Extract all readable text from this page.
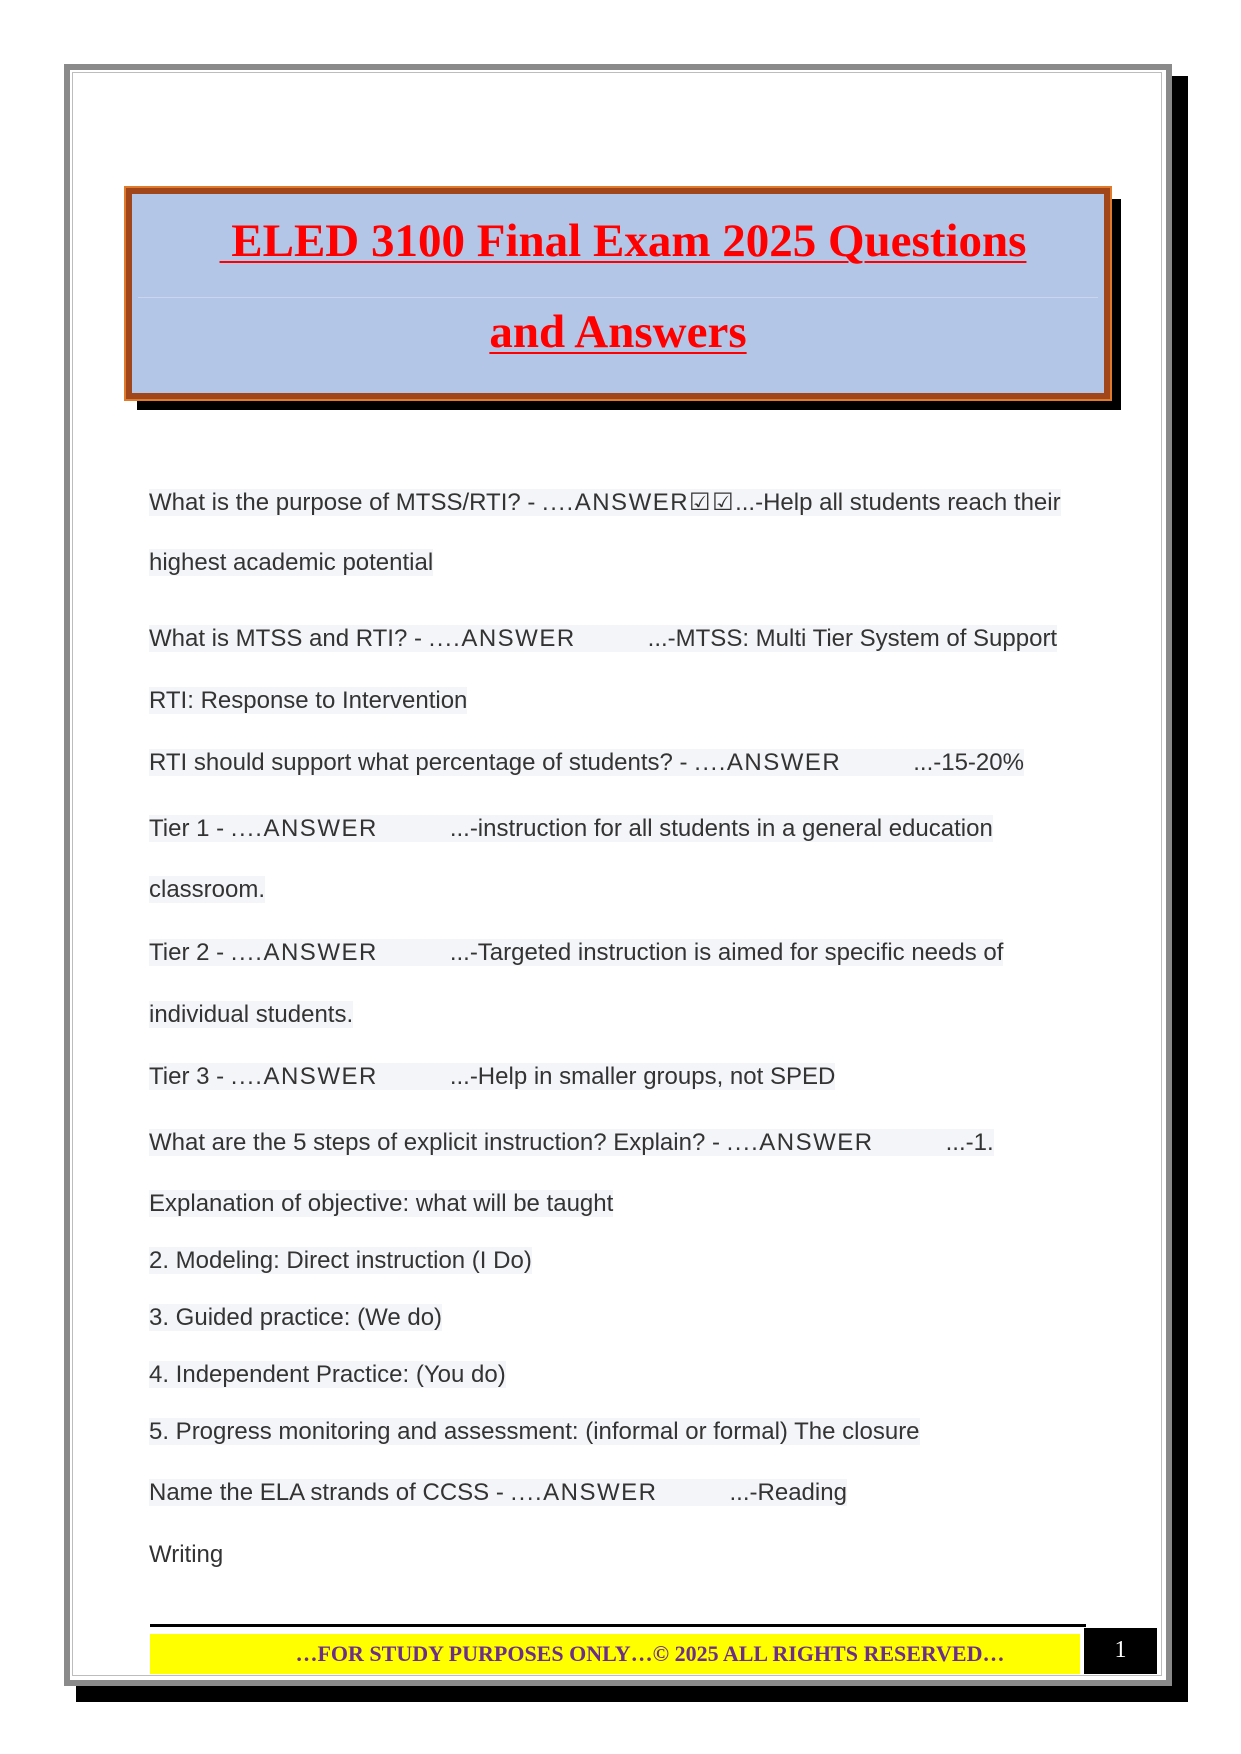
ELED 3100 Final Exam 2025 Questions
and Answers
What is the purpose of MTSS/RTI? - ....ANSWER☑☑...-Help all students reach their
highest academic potential
What is MTSS and RTI? - ....ANSWER	...-MTSS: Multi Tier System of Support
RTI: Response to Intervention
RTI should support what percentage of students? - ....ANSWER	...-15-20%
Tier 1 - ....ANSWER	...-instruction for all students in a general education
classroom.
Tier 2 - ....ANSWER	...-Targeted instruction is aimed for specific needs of
individual students.
Tier 3 - ....ANSWER	...-Help in smaller groups, not SPED
What are the 5 steps of explicit instruction? Explain? - ....ANSWER	...-1.
Explanation of objective: what will be taught
2. Modeling: Direct instruction (I Do)
3. Guided practice: (We do)
4. Independent Practice: (You do)
5. Progress monitoring and assessment: (informal or formal) The closure
Name the ELA strands of CCSS - ....ANSWER	...-Reading
Writing
…FOR STUDY PURPOSES ONLY…© 2025 ALL RIGHTS RESERVED…	1
